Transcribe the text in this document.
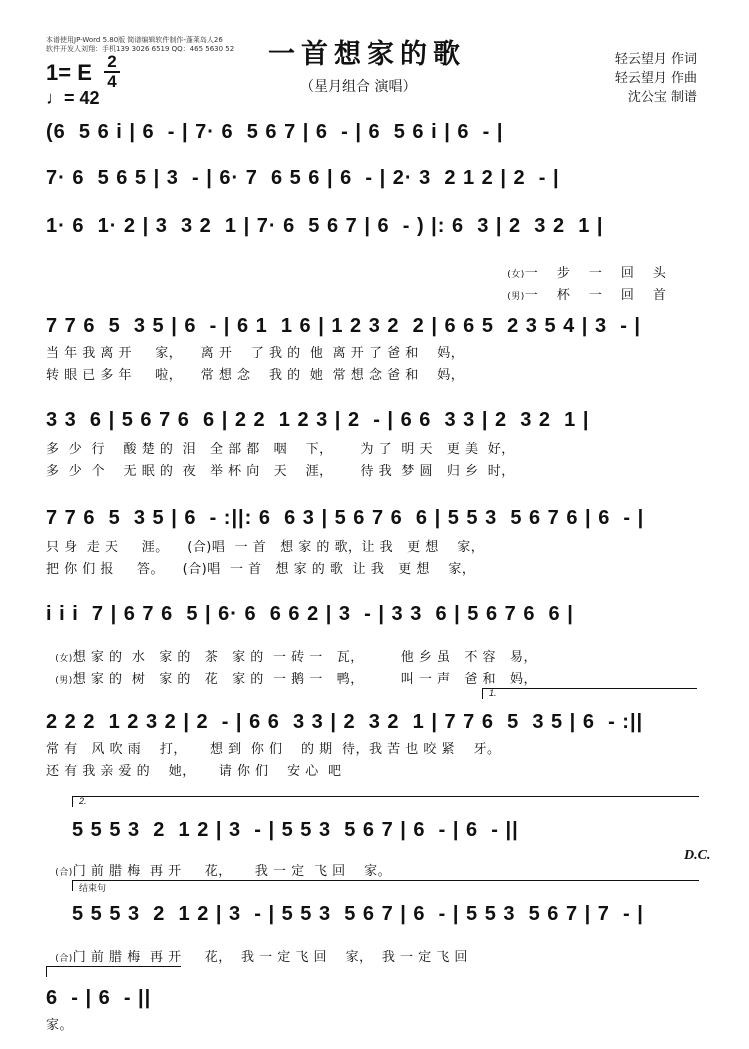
本谱使用JP-Word 5.80版 简谱编辑软件制作-蓬莱岛人26
软件开发人刘翔：手机139 3026 6519 QQ：465 5630 52 一首想家的歌
（星月组合 演唱）
轻云望月 作词
轻云望月 作曲
沈公宝 制谱
1= E 2
4
♩= 42
(6  5 6 i | 6  - | 7· 6  5 6 7 | 6  - | 6  5 6 i | 6  - |
7· 6  5 6 5 | 3  - | 6· 7  6 5 6 | 6  - | 2· 3  2 1 2 | 2  - |
1· 6  1· 2 | 3  3 2  1 | 7· 6  5 6 7 | 6  - ) |: 6  3 | 2  3 2  1 |

(女)一    步    一    回    头

(男)一    杯    一    回    首

7 7 6  5  3 5 | 6  - | 6 1  1 6 | 1 2 3 2  2 | 6 6 5  2 3 5 4 | 3  - |
当 年 我 离 开     家，    离 开    了 我 的  他  离 开 了 爸 和    妈，
转 眼 已 多 年     啦，    常 想 念    我 的  她  常 想 念 爸 和    妈，
3 3  6 | 5 6 7 6  6 | 2 2  1 2 3 | 2  - | 6 6  3 3 | 2  3 2  1 |
多  少  行    酸 楚 的  泪   全 部 都   咽    下，      为 了  明 天   更 美  好，
多  少  个    无 眠 的  夜   举 杯 向   天    涯，      待 我  梦 圆   归 乡  时，
7 7 6  5  3 5 | 6  - :||: 6  6 3 | 5 6 7 6  6 | 5 5 3  5 6 7 6 | 6  - |
只 身  走 天     涯。    (合)唱  一 首   想 家 的 歌，让 我   更 想    家，
把 你 们 报     答。    (合)唱  一 首   想 家 的 歌  让 我   更 想    家，
i i i  7 | 6 7 6  5 | 6· 6  6 6 2 | 3  - | 3 3  6 | 5 6 7 6  6 |

(女)想 家 的  水   家 的   茶   家 的  一 砖 一   瓦，        他 乡 虽   不 容   易，

(男)想 家 的  树   家 的   花   家 的  一 鹅 一   鸭，        叫 一 声   爸 和   妈，

1.
2 2 2  1 2 3 2 | 2  - | 6 6  3 3 | 2  3 2  1 | 7 7 6  5  3 5 | 6  - :||
常 有   风 吹 雨    打，     想 到  你 们    的 期  待，我 苦 也 咬 紧    牙。
还 有 我 亲 爱 的    她，     请 你 们    安 心  吧
2.
5 5 5 3  2  1 2 | 3  - | 5 5 3  5 6 7 | 6  - | 6  - ||

(合)门 前 腊 梅  再 开     花，     我 一 定  飞 回    家。

D.C.
结束句
5 5 5 3  2  1 2 | 3  - | 5 5 3  5 6 7 | 6  - | 5 5 3  5 6 7 | 7  - |

(合)门 前 腊 梅  再 开     花，  我 一 定 飞 回    家，  我 一 定 飞 回

6  - | 6  - ||
家。
